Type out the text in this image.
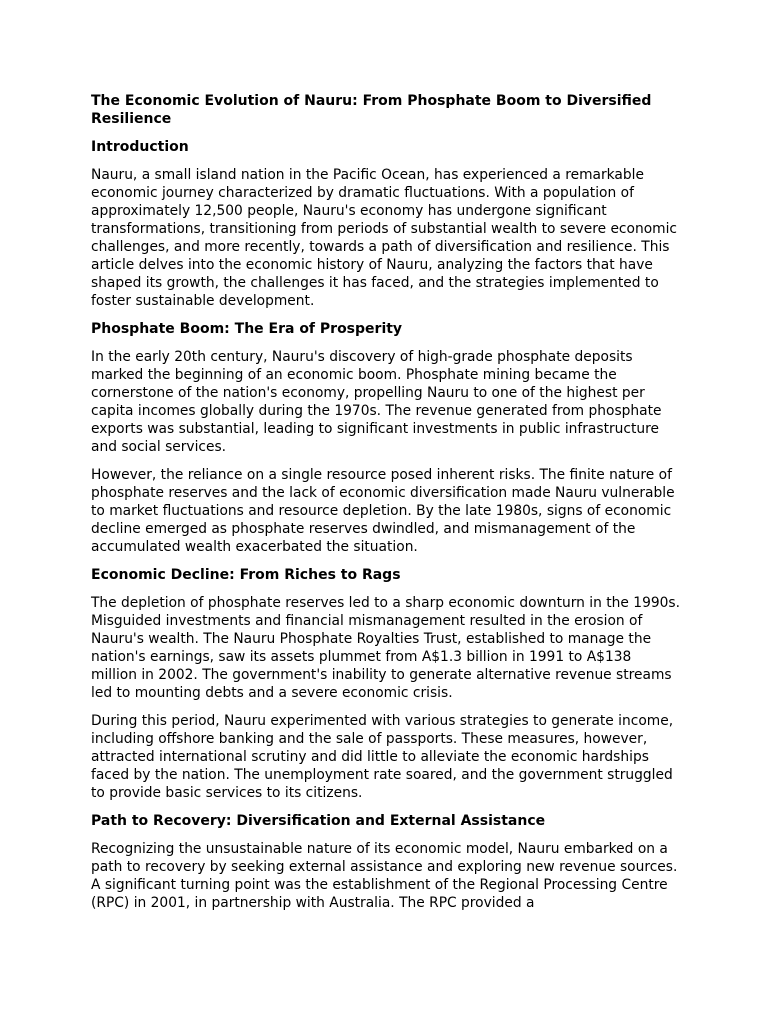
The Economic Evolution of Nauru: From Phosphate Boom to Diversified Resilience
Introduction

Nauru, a small island nation in the Pacific Ocean, has experienced a remarkable economic journey characterized by dramatic fluctuations. With a population of approximately 12,500 people, Nauru's economy has undergone significant transformations, transitioning from periods of substantial wealth to severe economic challenges, and more recently, towards a path of diversification and resilience. This article delves into the economic history of Nauru, analyzing the factors that have shaped its growth, the challenges it has faced, and the strategies implemented to foster sustainable development.

Phosphate Boom: The Era of Prosperity

In the early 20th century, Nauru's discovery of high-grade phosphate deposits marked the beginning of an economic boom. Phosphate mining became the cornerstone of the nation's economy, propelling Nauru to one of the highest per capita incomes globally during the 1970s. The revenue generated from phosphate exports was substantial, leading to significant investments in public infrastructure and social services.

However, the reliance on a single resource posed inherent risks. The finite nature of phosphate reserves and the lack of economic diversification made Nauru vulnerable to market fluctuations and resource depletion. By the late 1980s, signs of economic decline emerged as phosphate reserves dwindled, and mismanagement of the accumulated wealth exacerbated the situation.

Economic Decline: From Riches to Rags

The depletion of phosphate reserves led to a sharp economic downturn in the 1990s. Misguided investments and financial mismanagement resulted in the erosion of Nauru's wealth. The Nauru Phosphate Royalties Trust, established to manage the nation's earnings, saw its assets plummet from A$1.3 billion in 1991 to A$138 million in 2002. The government's inability to generate alternative revenue streams led to mounting debts and a severe economic crisis.

During this period, Nauru experimented with various strategies to generate income, including offshore banking and the sale of passports. These measures, however, attracted international scrutiny and did little to alleviate the economic hardships faced by the nation. The unemployment rate soared, and the government struggled to provide basic services to its citizens.

Path to Recovery: Diversification and External Assistance

Recognizing the unsustainable nature of its economic model, Nauru embarked on a path to recovery by seeking external assistance and exploring new revenue sources. A significant turning point was the establishment of the Regional Processing Centre (RPC) in 2001, in partnership with Australia. The RPC provided a
